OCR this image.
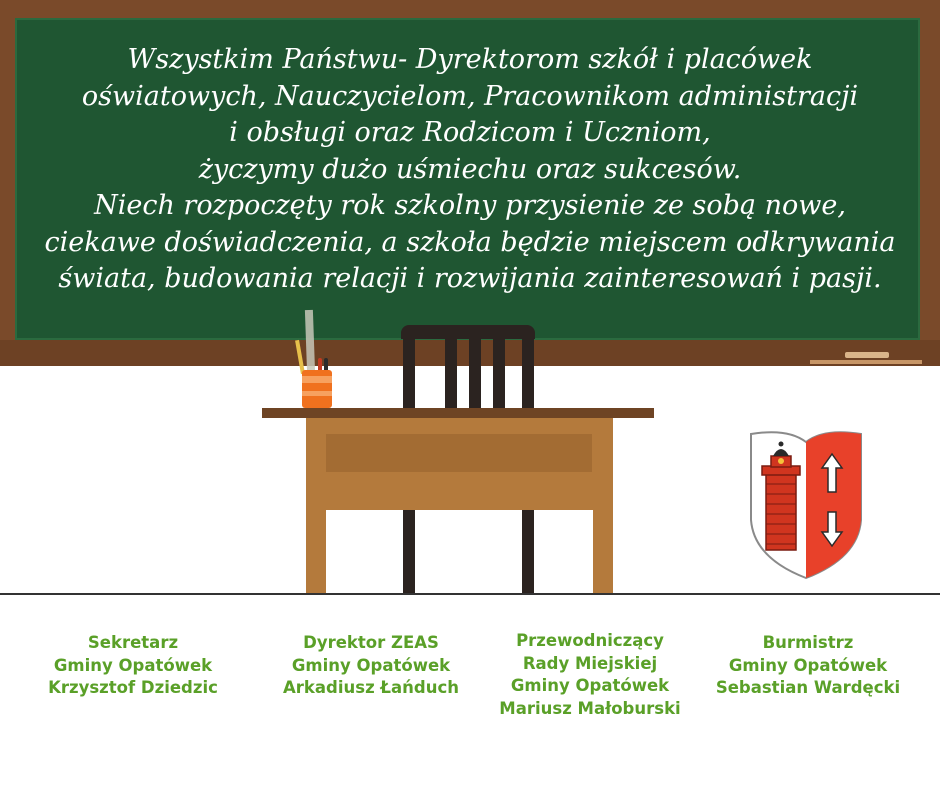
Wszystkim Państwu- Dyrektorom szkół i placówek
oświatowych, Nauczycielom, Pracownikom administracji
i obsługi oraz Rodzicom i Uczniom,
życzymy dużo uśmiechu oraz sukcesów.
Niech rozpoczęty rok szkolny przysienie ze sobą nowe,
ciekawe doświadczenia, a szkoła będzie miejscem odkrywania
świata, budowania relacji i rozwijania zainteresowań i pasji.
Sekretarz
Gminy Opatówek
Krzysztof Dziedzic
Dyrektor ZEAS
Gminy Opatówek
Arkadiusz Łańduch
Przewodniczący
Rady Miejskiej
Gminy Opatówek
Mariusz Małoburski
Burmistrz
Gminy Opatówek
Sebastian Wardęcki
